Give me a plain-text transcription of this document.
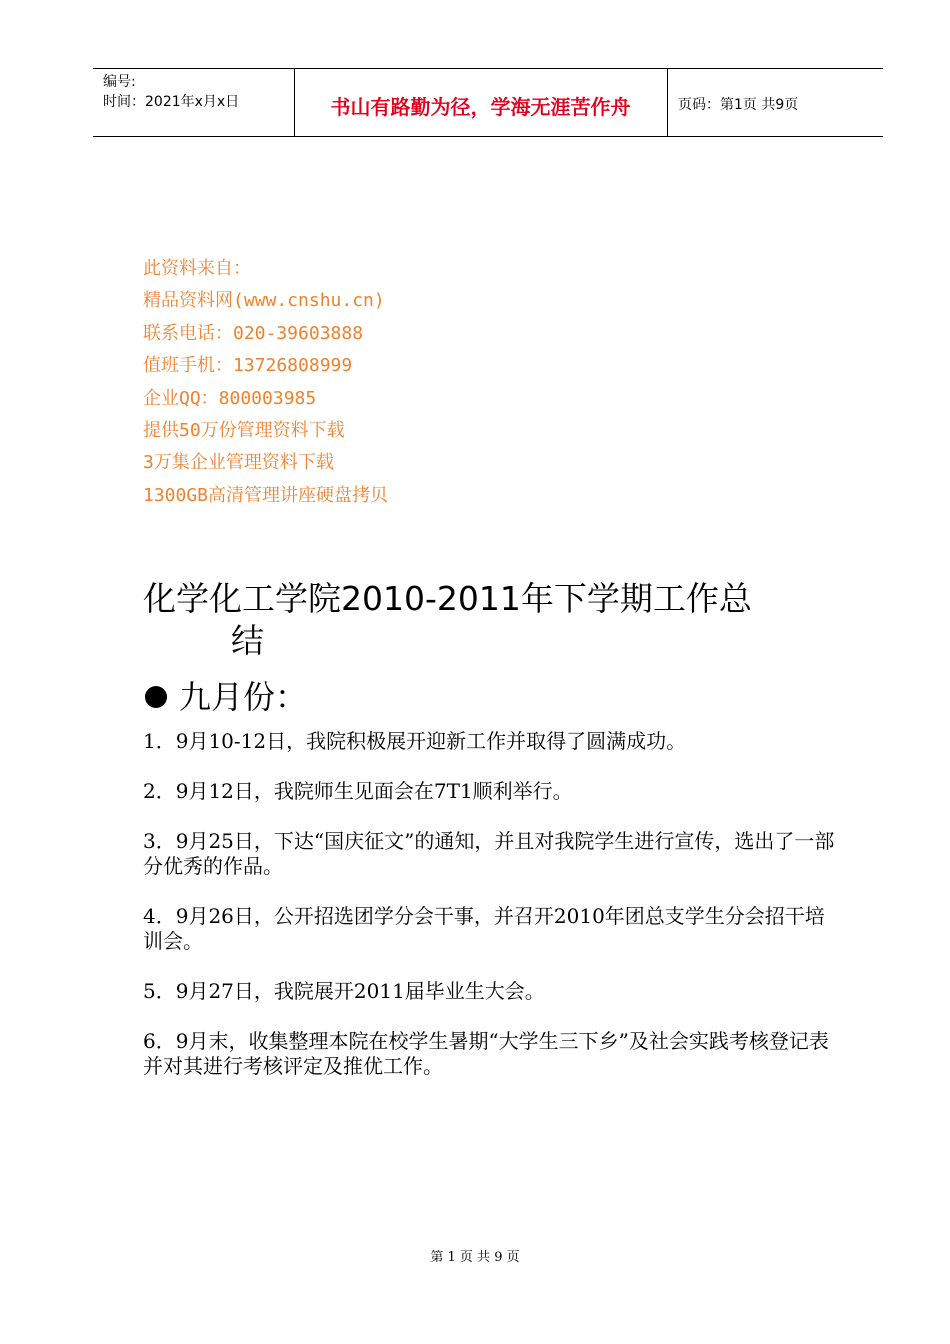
编号:
时间：2021年x月x日	书山有路勤为径，学海无涯苦作舟	页码：第1页 共9页
此资料来自：
精品资料网(www.cnshu.cn)
联系电话：020-39603888
值班手机：13726808999
企业QQ：800003985
提供50万份管理资料下载
3万集企业管理资料下载
1300GB高清管理讲座硬盘拷贝
化学化工学院2010-2011年下学期工作总
结
九月份：
1．9月10-12日，我院积极展开迎新工作并取得了圆满成功。
2．9月12日，我院师生见面会在7T1顺利举行。
3．9月25日，下达“国庆征文”的通知，并且对我院学生进行宣传，选出了一部分优秀的作品。
4．9月26日，公开招选团学分会干事，并召开2010年团总支学生分会招干培训会。
5．9月27日，我院展开2011届毕业生大会。
6．9月末，收集整理本院在校学生暑期“大学生三下乡”及社会实践考核登记表并对其进行考核评定及推优工作。
第 1 页 共 9 页
